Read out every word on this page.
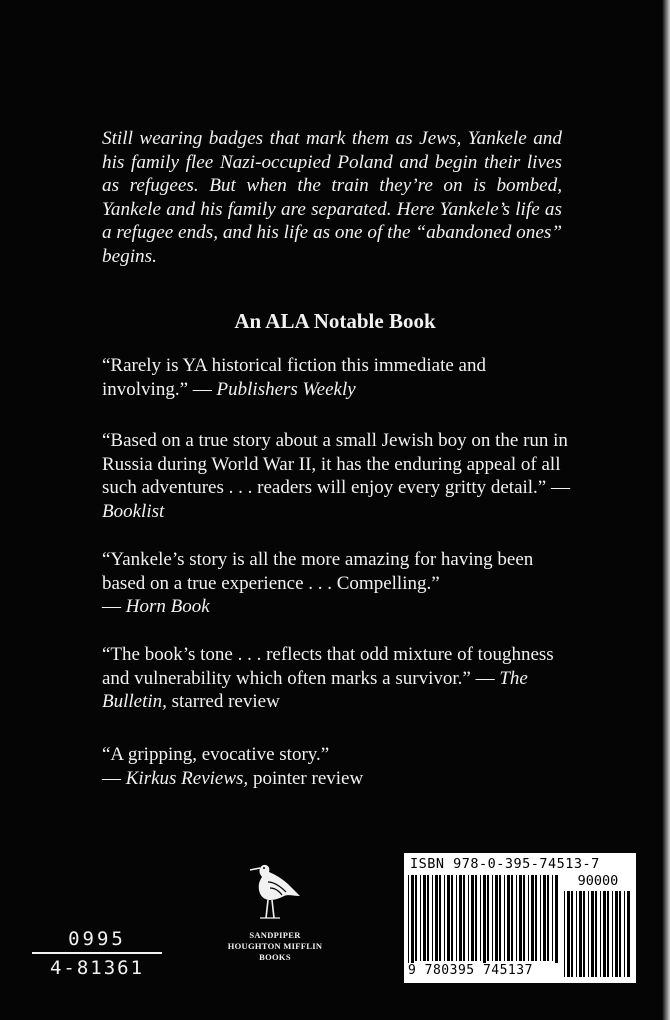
Still wearing badges that mark them as Jews, Yankele and his family flee Nazi-occupied Poland and begin their lives as refugees. But when the train they’re on is bombed, Yankele and his family are separated. Here Yankele’s life as a refugee ends, and his life as one of the “abandoned ones” begins.

An ALA Notable Book

“Rarely is YA historical fiction this immediate and involving.” — Publishers Weekly

“Based on a true story about a small Jewish boy on the run in Russia during World War II, it has the enduring appeal of all such adventures . . . readers will enjoy every gritty detail.” — Booklist

“Yankele’s story is all the more amazing for having been based on a true experience . . . Compelling.”
— Horn Book

“The book’s tone . . . reflects that odd mixture of toughness and vulnerability which often marks a survivor.” — The Bulletin, starred review

“A gripping, evocative story.”
— Kirkus Reviews, pointer review

0995

4-81361

SANDPIPER
HOUGHTON MIFFLIN
BOOKS

ISBN 978-0-395-74513-7

90000

9 780395 745137
